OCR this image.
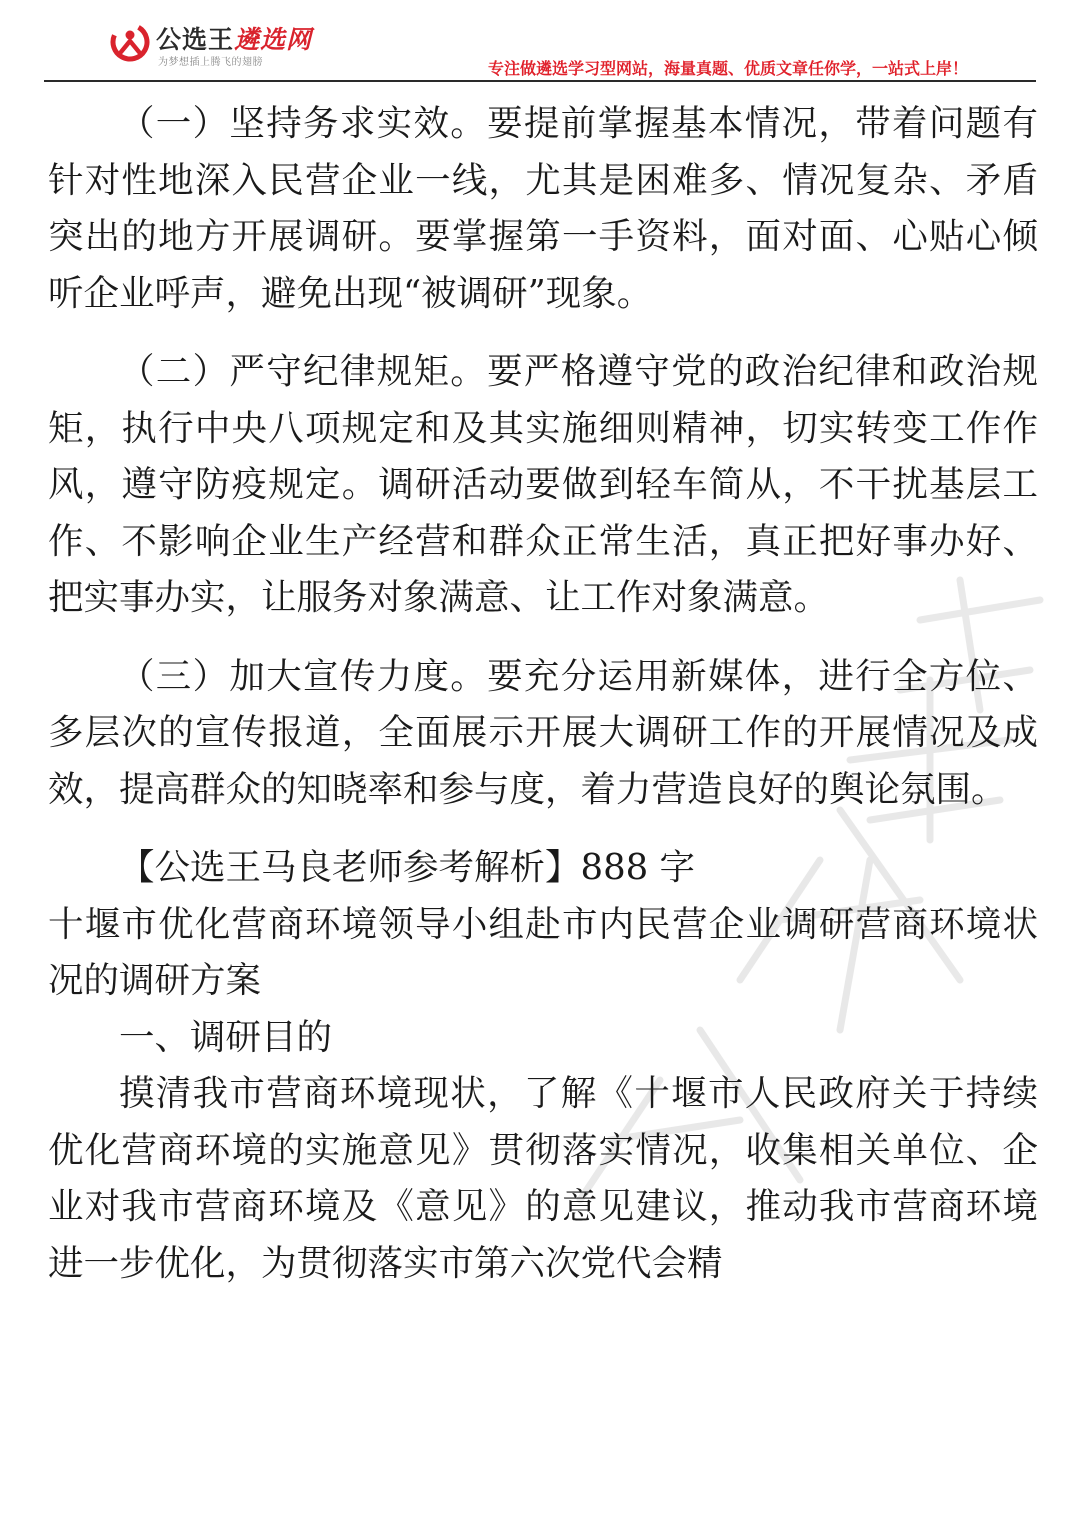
公选王遴选网
为梦想插上腾飞的翅膀	专注做遴选学习型网站，海量真题、优质文章任你学，一站式上岸！

（一）坚持务求实效。要提前掌握基本情况，带着问题有针对性地深入民营企业一线，尤其是困难多、情况复杂、矛盾突出的地方开展调研。要掌握第一手资料，面对面、心贴心倾听企业呼声，避免出现“被调研”现象。

（二）严守纪律规矩。要严格遵守党的政治纪律和政治规矩，执行中央八项规定和及其实施细则精神，切实转变工作作风，遵守防疫规定。调研活动要做到轻车简从，不干扰基层工作、不影响企业生产经营和群众正常生活，真正把好事办好、把实事办实，让服务对象满意、让工作对象满意。

（三）加大宣传力度。要充分运用新媒体，进行全方位、多层次的宣传报道，全面展示开展大调研工作的开展情况及成效，提高群众的知晓率和参与度，着力营造良好的舆论氛围。

【公选王马良老师参考解析】888 字

十堰市优化营商环境领导小组赴市内民营企业调研营商环境状况的调研方案

一、调研目的

摸清我市营商环境现状，了解《十堰市人民政府关于持续优化营商环境的实施意见》贯彻落实情况，收集相关单位、企业对我市营商环境及《意见》的意见建议，推动我市营商环境进一步优化，为贯彻落实市第六次党代会精
